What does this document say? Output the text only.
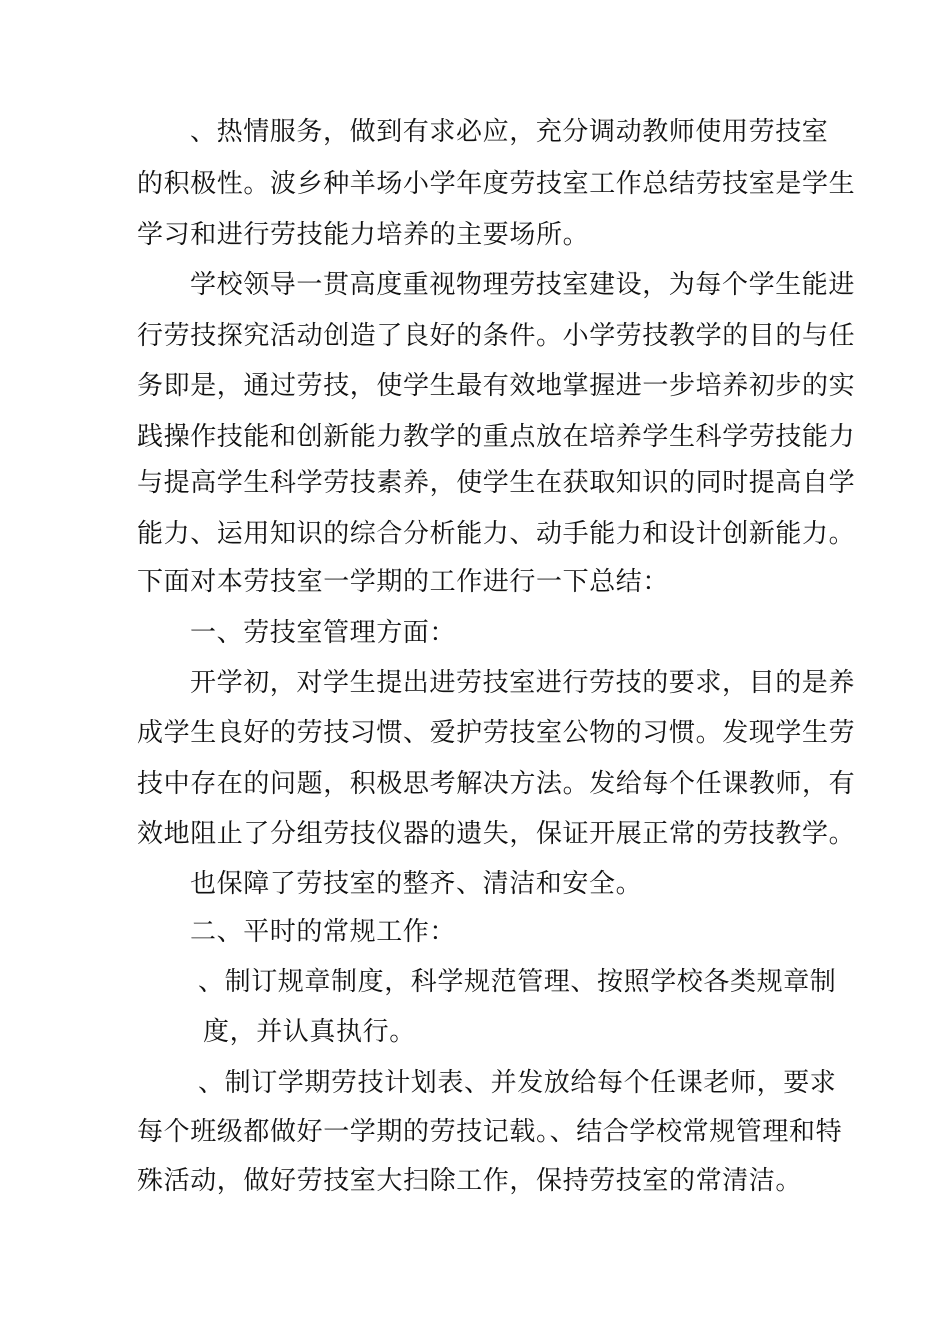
、热情服务，做到有求必应，充分调动教师使用劳技室
的积极性。波乡种羊场小学年度劳技室工作总结劳技室是学生
学习和进行劳技能力培养的主要场所。
学校领导一贯高度重视物理劳技室建设，为每个学生能进
行劳技探究活动创造了良好的条件。小学劳技教学的目的与任
务即是，通过劳技，使学生最有效地掌握进一步培养初步的实
践操作技能和创新能力教学的重点放在培养学生科学劳技能力
与提高学生科学劳技素养，使学生在获取知识的同时提高自学
能力、运用知识的综合分析能力、动手能力和设计创新能力。
下面对本劳技室一学期的工作进行一下总结：
一、劳技室管理方面：
开学初，对学生提出进劳技室进行劳技的要求，目的是养
成学生良好的劳技习惯、爱护劳技室公物的习惯。发现学生劳
技中存在的问题，积极思考解决方法。发给每个任课教师，有
效地阻止了分组劳技仪器的遗失，保证开展正常的劳技教学。
也保障了劳技室的整齐、清洁和安全。
二、平时的常规工作：
、制订规章制度，科学规范管理、按照学校各类规章制
度，并认真执行。
、制订学期劳技计划表、并发放给每个任课老师，要求
每个班级都做好一学期的劳技记载。、结合学校常规管理和特
殊活动，做好劳技室大扫除工作，保持劳技室的常清洁。
